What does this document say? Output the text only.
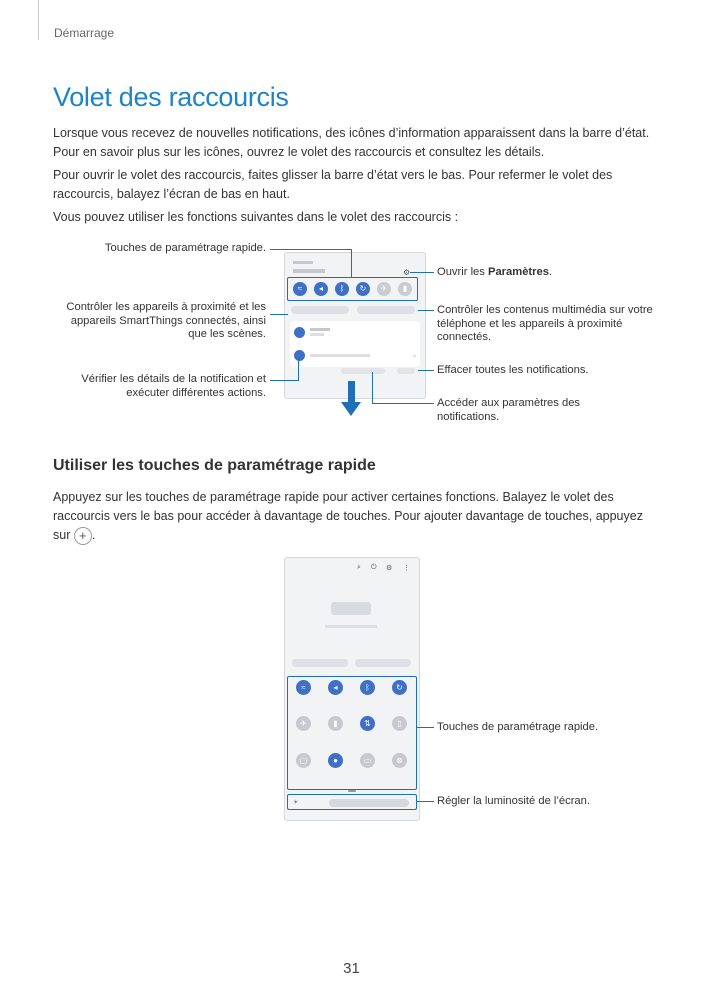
Démarrage
Volet des raccourcis

Lorsque vous recevez de nouvelles notifications, des icônes d’information apparaissent dans la barre d’état. Pour en savoir plus sur les icônes, ouvrez le volet des raccourcis et consultez les détails.

Pour ouvrir le volet des raccourcis, faites glisser la barre d’état vers le bas. Pour refermer le volet des raccourcis, balayez l’écran de bas en haut.

Vous pouvez utiliser les fonctions suivantes dans le volet des raccourcis :

⚙
≈	◂	ᛒ	↻	✈	▮
⌄
Touches de paramétrage rapide.
Contrôler les appareils à proximité et les appareils SmartThings connectés, ainsi que les scènes.
Vérifier les détails de la notification et exécuter différentes actions.
Ouvrir les Paramètres.
Contrôler les contenus multimédia sur votre téléphone et les appareils à proximité connectés.
Effacer toutes les notifications.
Accéder aux paramètres des notifications.
Utiliser les touches de paramétrage rapide

Appuyez sur les touches de paramétrage rapide pour activer certaines fonctions. Balayez le volet des raccourcis vers le bas pour accéder à davantage de touches. Pour ajouter davantage de touches, appuyez sur + .

⌕ ⏻ ⚙ ⋮
≈	◂	ᛒ	↻
✈	▮	⇅	▯
▢	●	▭	⊗
☀
Touches de paramétrage rapide.
Régler la luminosité de l’écran.
31
